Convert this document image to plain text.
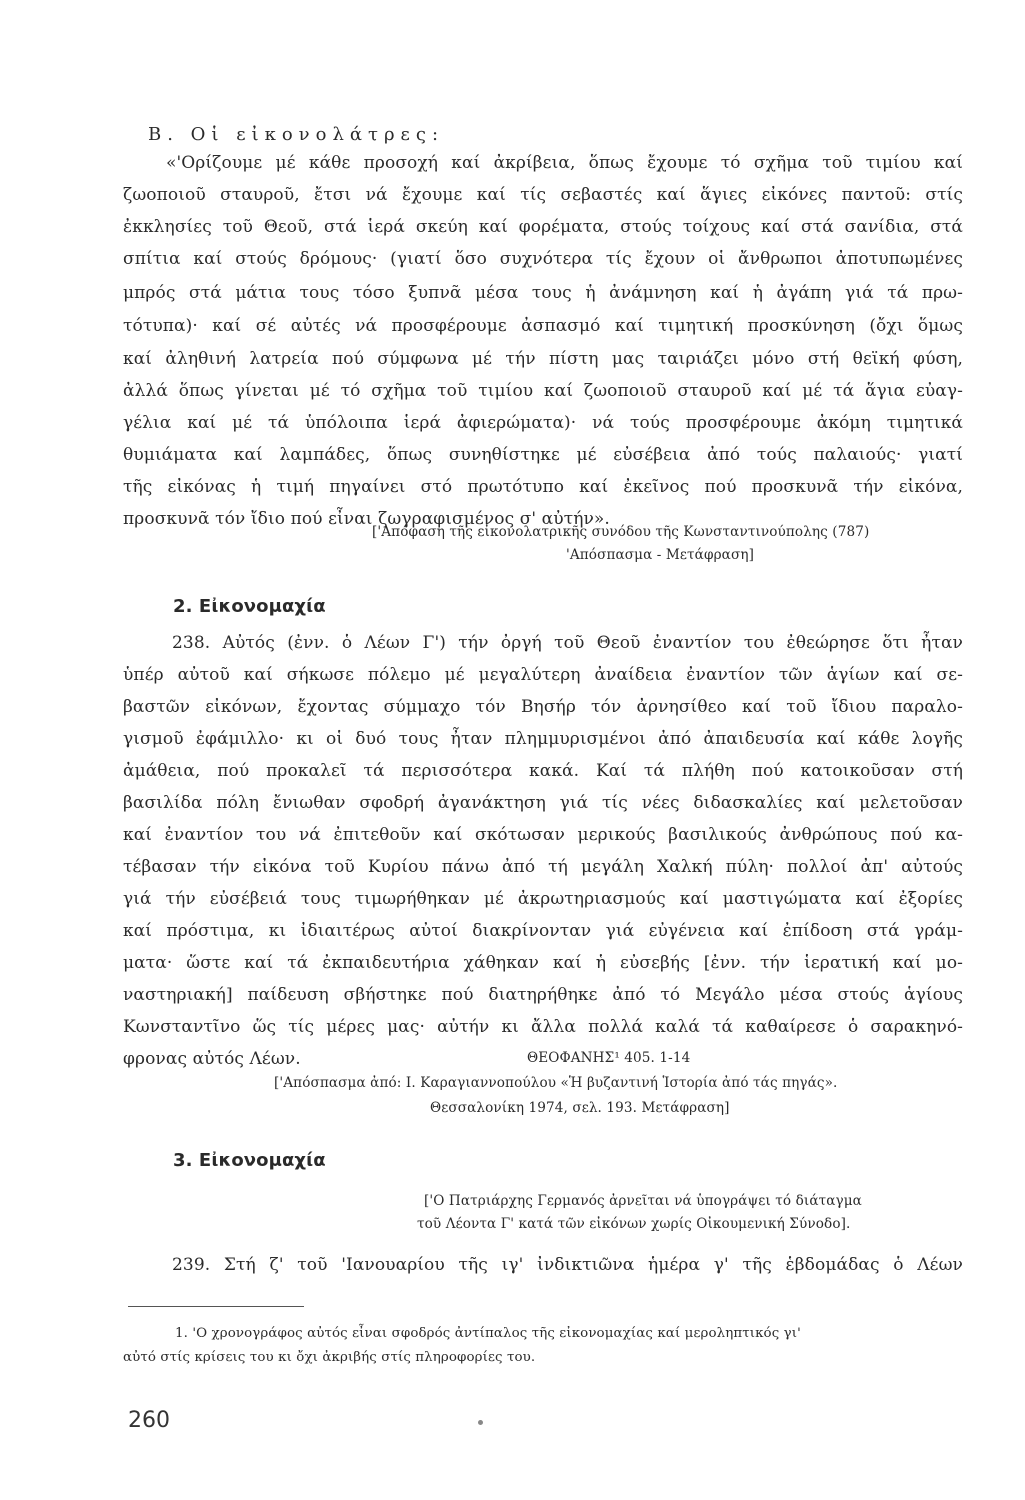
B. Οἱ εἰκονολάτρες:

«'Ορίζουμε μέ κάθε προσοχή καί ἀκρίβεια, ὅπως ἔχουμε τό σχῆμα τοῦ τιμίου καί

ζωοποιοῦ σταυροῦ, ἔτσι νά ἔχουμε καί τίς σεβαστές καί ἅγιες εἰκόνες παντοῦ: στίς

ἐκκλησίες τοῦ Θεοῦ, στά ἱερά σκεύη καί φορέματα, στούς τοίχους καί στά σανίδια, στά

σπίτια καί στούς δρόμους· (γιατί ὅσο συχνότερα τίς ἔχουν οἱ ἄνθρωποι ἀποτυπωμένες

μπρός στά μάτια τους τόσο ξυπνᾶ μέσα τους ἡ ἀνάμνηση καί ἡ ἀγάπη γιά τά πρω-

τότυπα)· καί σέ αὐτές νά προσφέρουμε ἀσπασμό καί τιμητική προσκύνηση (ὄχι ὅμως

καί ἀληθινή λατρεία πού σύμφωνα μέ τήν πίστη μας ταιριάζει μόνο στή θεϊκή φύση,

ἀλλά ὅπως γίνεται μέ τό σχῆμα τοῦ τιμίου καί ζωοποιοῦ σταυροῦ καί μέ τά ἅγια εὐαγ-

γέλια καί μέ τά ὑπόλοιπα ἱερά ἀφιερώματα)· νά τούς προσφέρουμε ἀκόμη τιμητικά

θυμιάματα καί λαμπάδες, ὅπως συνηθίστηκε μέ εὐσέβεια ἀπό τούς παλαιούς· γιατί

τῆς εἰκόνας ἡ τιμή πηγαίνει στό πρωτότυπο καί ἐκεῖνος πού προσκυνᾶ τήν εἰκόνα,

προσκυνᾶ τόν ἴδιο πού εἶναι ζωγραφισμένος σ' αὐτήν».

['Απόφαση τῆς εἰκονολατρικῆς συνόδου τῆς Κωνσταντινούπολης (787)

'Απόσπασμα - Μετάφραση]

2. Εἰκονομαχία

238. Αὐτός (ἐνν. ὁ Λέων Γ') τήν ὀργή τοῦ Θεοῦ ἐναντίον του ἐθεώρησε ὅτι ἦταν

ὑπέρ αὐτοῦ καί σήκωσε πόλεμο μέ μεγαλύτερη ἀναίδεια ἐναντίον τῶν ἁγίων καί σε-

βαστῶν εἰκόνων, ἔχοντας σύμμαχο τόν Βησήρ τόν ἀρνησίθεο καί τοῦ ἴδιου παραλο-

γισμοῦ ἐφάμιλλο· κι οἱ δυό τους ἦταν πλημμυρισμένοι ἀπό ἀπαιδευσία καί κάθε λογῆς

ἀμάθεια, πού προκαλεῖ τά περισσότερα κακά. Καί τά πλήθη πού κατοικοῦσαν στή

βασιλίδα πόλη ἔνιωθαν σφοδρή ἀγανάκτηση γιά τίς νέες διδασκαλίες καί μελετοῦσαν

καί ἐναντίον του νά ἐπιτεθοῦν καί σκότωσαν μερικούς βασιλικούς ἀνθρώπους πού κα-

τέβασαν τήν εἰκόνα τοῦ Κυρίου πάνω ἀπό τή μεγάλη Χαλκή πύλη· πολλοί ἀπ' αὐτούς

γιά τήν εὐσέβειά τους τιμωρήθηκαν μέ ἀκρωτηριασμούς καί μαστιγώματα καί ἐξορίες

καί πρόστιμα, κι ἰδιαιτέρως αὐτοί διακρίνονταν γιά εὐγένεια καί ἐπίδοση στά γράμ-

ματα· ὥστε καί τά ἐκπαιδευτήρια χάθηκαν καί ἡ εὐσεβής [ἐνν. τήν ἱερατική καί μο-

ναστηριακή] παίδευση σβήστηκε πού διατηρήθηκε ἀπό τό Μεγάλο μέσα στούς ἁγίους

Κωνσταντῖνο ὥς τίς μέρες μας· αὐτήν κι ἄλλα πολλά καλά τά καθαίρεσε ὁ σαρακηνό-

φρονας αὐτός Λέων.	ΘΕΟΦΑΝΗΣ¹ 405. 1-14

['Απόσπασμα ἀπό: Ι. Καραγιαννοπούλου «Ἡ βυζαντινή Ἱστορία ἀπό τάς πηγάς».

Θεσσαλονίκη 1974, σελ. 193. Μετάφραση]

3. Εἰκονομαχία

['Ο Πατριάρχης Γερμανός ἀρνεῖται νά ὑπογράψει τό διάταγμα

τοῦ Λέοντα Γ' κατά τῶν εἰκόνων χωρίς Οἰκουμενική Σύνοδο].

239. Στή ζ' τοῦ 'Ιανουαρίου τῆς ιγ' ἰνδικτιῶνα ἡμέρα γ' τῆς ἑβδομάδας ὁ Λέων

1. 'Ο χρονογράφος αὐτός εἶναι σφοδρός ἀντίπαλος τῆς εἰκονομαχίας καί μεροληπτικός γι'

αὐτό στίς κρίσεις του κι ὄχι ἀκριβής στίς πληροφορίες του.

260
